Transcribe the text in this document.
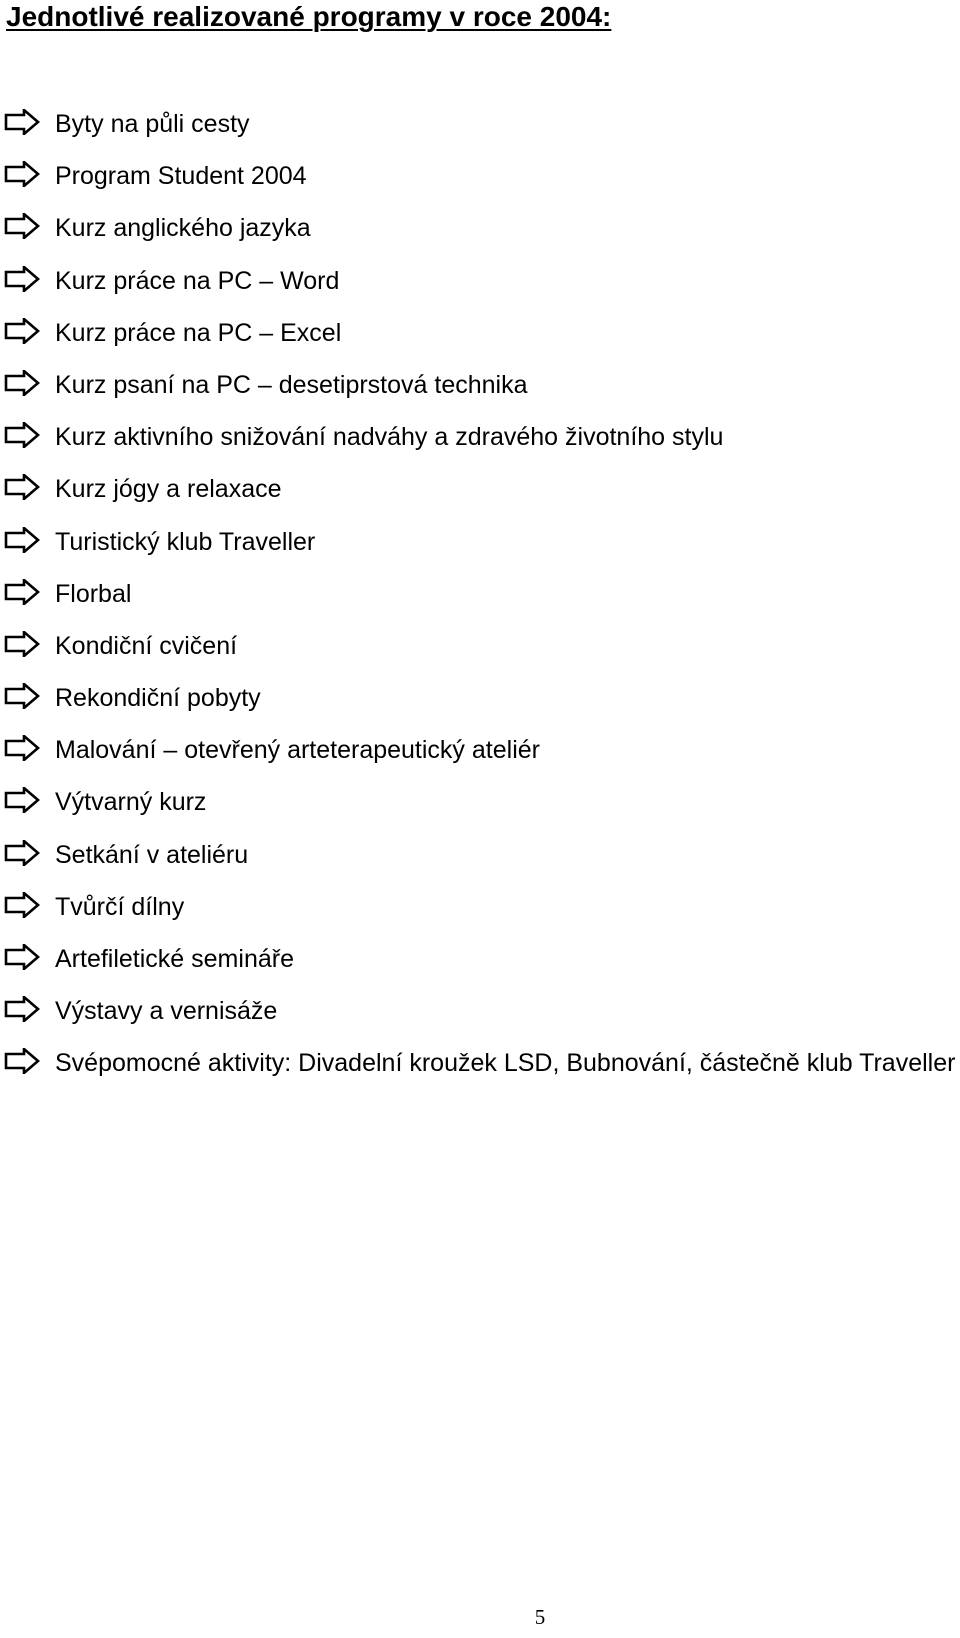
Jednotlivé realizované programy v roce 2004:
Byty na půli cesty
Program Student 2004
Kurz anglického jazyka
Kurz práce na PC – Word
Kurz práce na PC – Excel
Kurz psaní na PC – desetiprstová technika
Kurz aktivního snižování nadváhy a zdravého životního stylu
Kurz jógy a relaxace
Turistický klub Traveller
Florbal
Kondiční cvičení
Rekondiční pobyty
Malování – otevřený arteterapeutický ateliér
Výtvarný kurz
Setkání v ateliéru
Tvůrčí dílny
Artefiletické semináře
Výstavy a vernisáže
Svépomocné aktivity: Divadelní kroužek LSD, Bubnování, částečně klub Traveller
5
